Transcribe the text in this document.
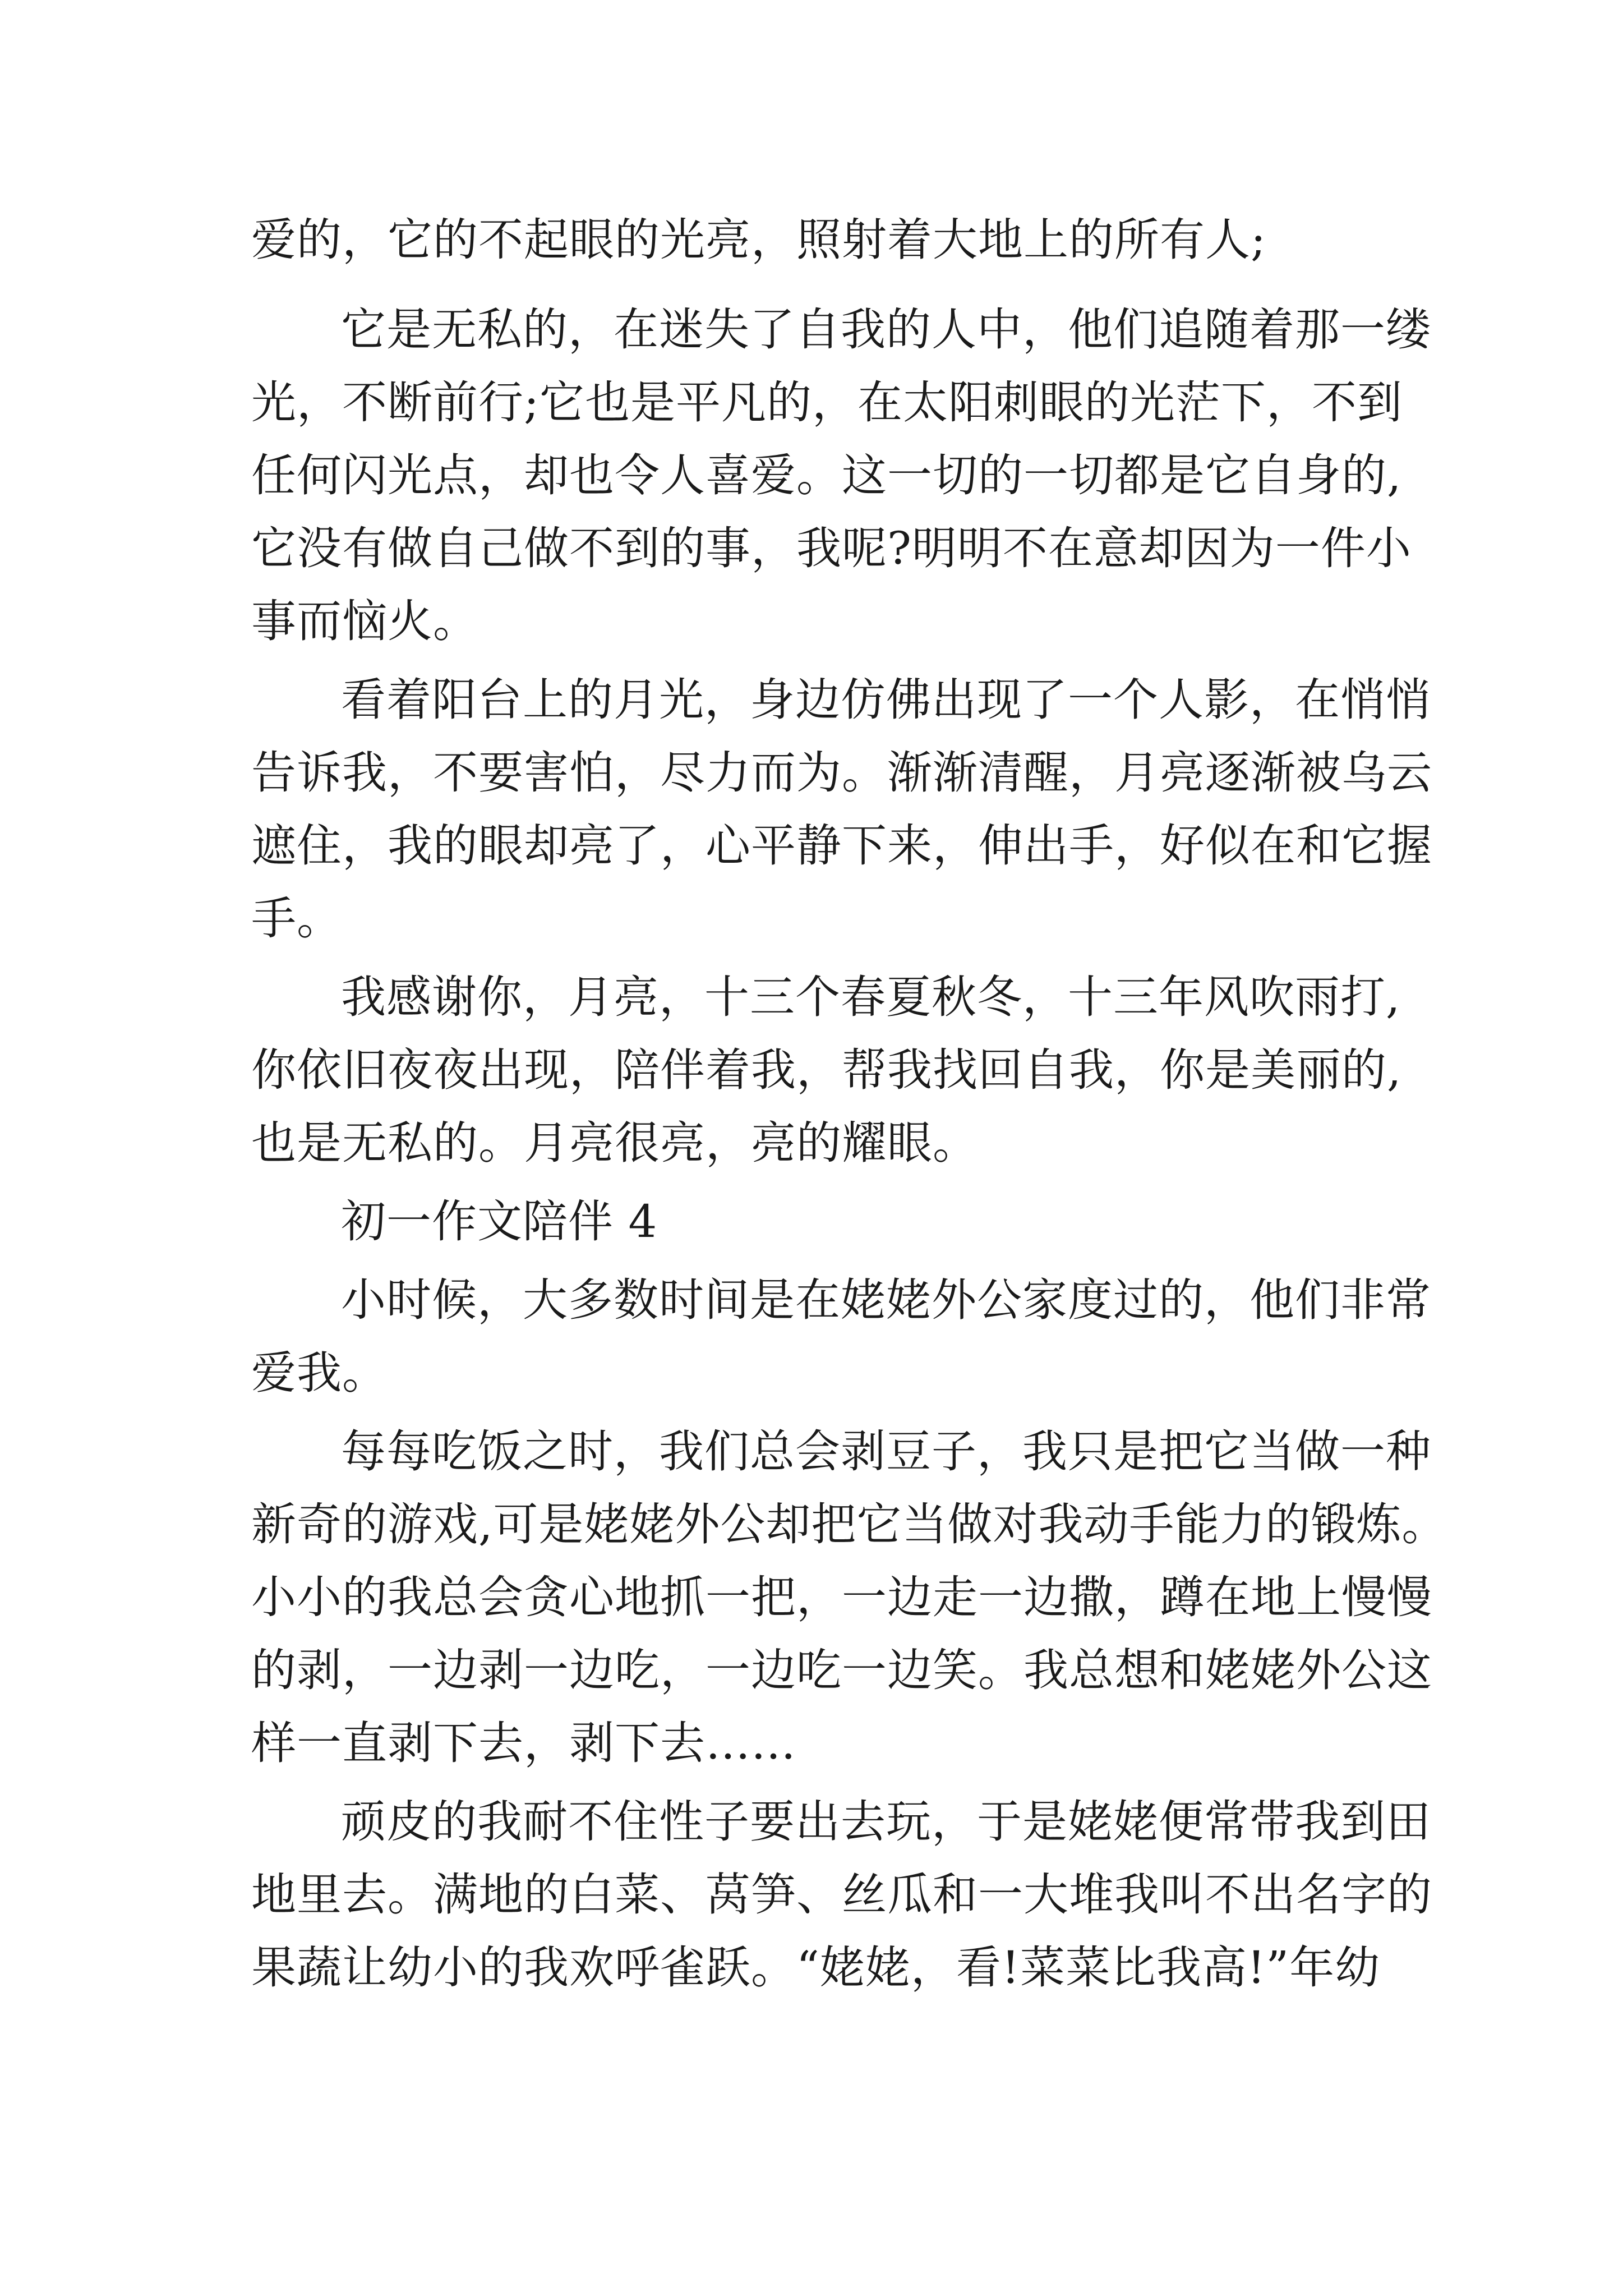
爱的，它的不起眼的光亮，照射着大地上的所有人;
它是无私的，在迷失了自我的人中，他们追随着那一缕
光，不断前行;它也是平凡的，在太阳刺眼的光茫下，不到
任何闪光点，却也令人喜爱。这一切的一切都是它自身的,
它没有做自己做不到的事，我呢?明明不在意却因为一件小
事而恼火。
看着阳台上的月光，身边仿佛出现了一个人影，在悄悄
告诉我，不要害怕，尽力而为。渐渐清醒，月亮逐渐被乌云
遮住，我的眼却亮了，心平静下来，伸出手，好似在和它握
手。
我感谢你，月亮，十三个春夏秋冬，十三年风吹雨打,
你依旧夜夜出现，陪伴着我，帮我找回自我，你是美丽的,
也是无私的。月亮很亮，亮的耀眼。
初一作文陪伴 4
小时候，大多数时间是在姥姥外公家度过的，他们非常
爱我。
每每吃饭之时，我们总会剥豆子，我只是把它当做一种
新奇的游戏,可是姥姥外公却把它当做对我动手能力的锻炼。
小小的我总会贪心地抓一把，一边走一边撒，蹲在地上慢慢
的剥，一边剥一边吃，一边吃一边笑。我总想和姥姥外公这
样一直剥下去，剥下去……
顽皮的我耐不住性子要出去玩，于是姥姥便常带我到田
地里去。满地的白菜、莴笋、丝瓜和一大堆我叫不出名字的
果蔬让幼小的我欢呼雀跃。“姥姥，看!菜菜比我高!”年幼
